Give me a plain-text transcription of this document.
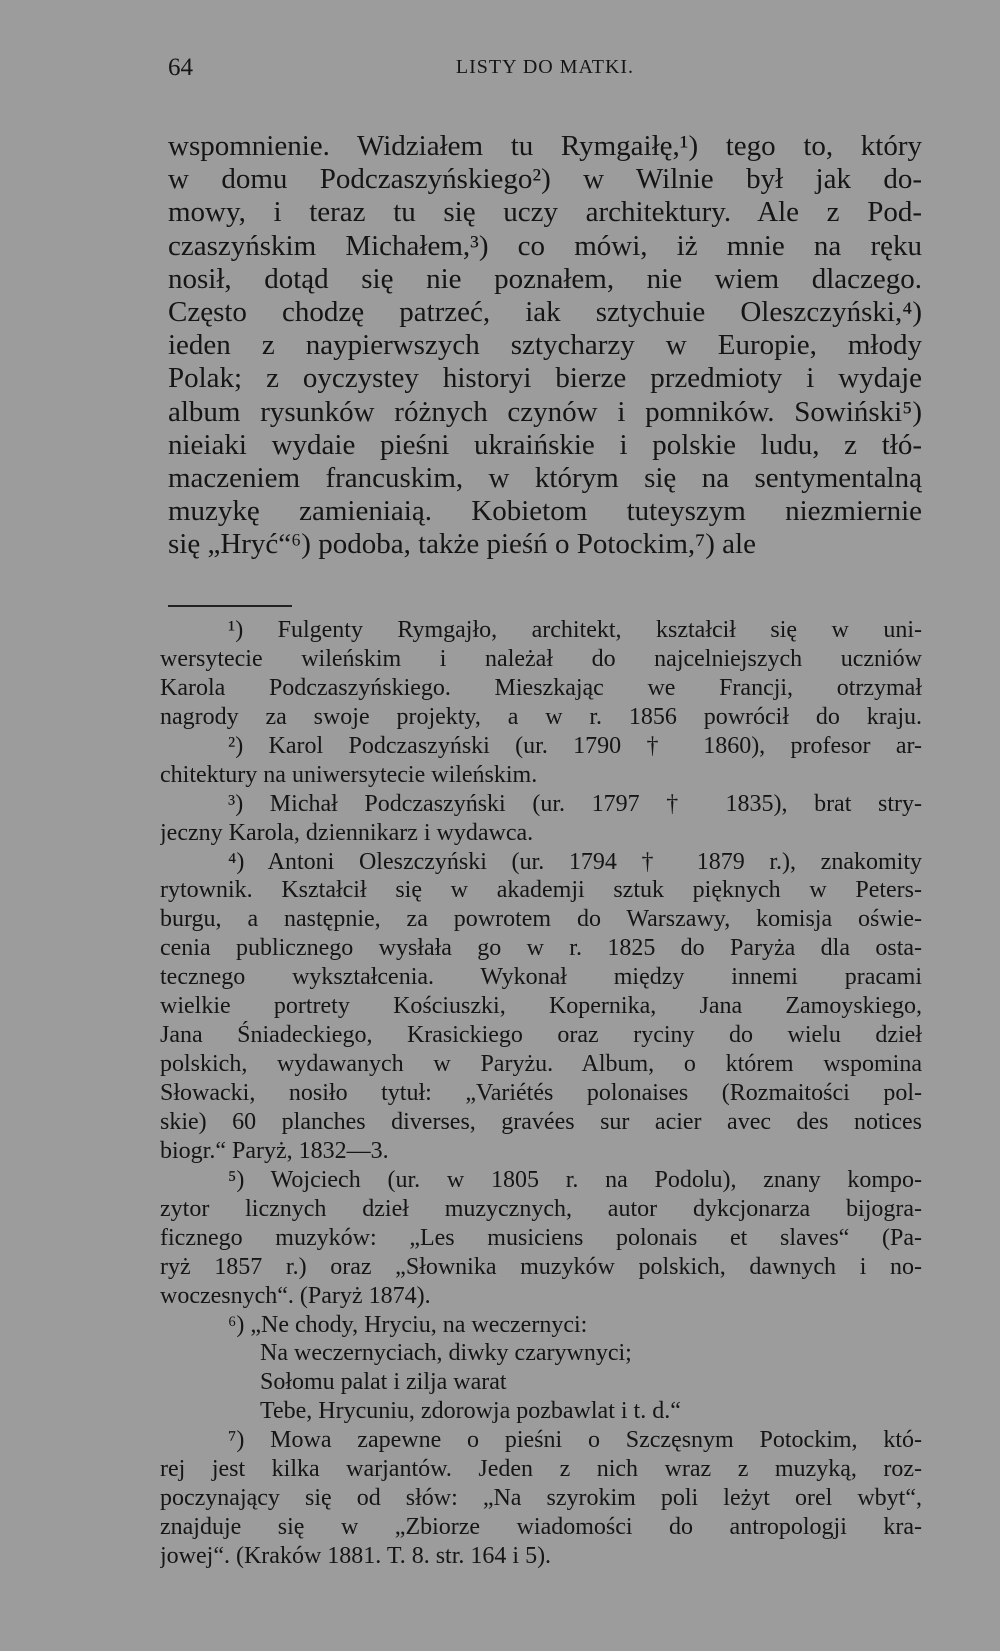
64	LISTY DO MATKI.
wspomnienie. Widziałem tu Rymgaiłę,¹) tego to, który
w domu Podczaszyńskiego²) w Wilnie był jak do-
mowy, i teraz tu się uczy architektury. Ale z Pod-
czaszyńskim Michałem,³) co mówi, iż mnie na ręku
nosił, dotąd się nie poznałem, nie wiem dlaczego.
Często chodzę patrzeć, iak sztychuie Oleszczyński,⁴)
ieden z naypierwszych sztycharzy w Europie, młody
Polak; z oyczystey historyi bierze przedmioty i wydaje
album rysunków różnych czynów i pomników. Sowiński⁵)
nieiaki wydaie pieśni ukraińskie i polskie ludu, z tłó-
maczeniem francuskim, w którym się na sentymentalną
muzykę zamieniaią. Kobietom tuteyszym niezmiernie
się „Hryć“⁶) podoba, także pieśń o Potockim,⁷) ale
¹) Fulgenty Rymgajło, architekt, kształcił się w uni-
wersytecie wileńskim i należał do najcelniejszych uczniów
Karola Podczaszyńskiego. Mieszkając we Francji, otrzymał
nagrody za swoje projekty, a w r. 1856 powrócił do kraju.
²) Karol Podczaszyński (ur. 1790 † 1860), profesor ar-
chitektury na uniwersytecie wileńskim.
³) Michał Podczaszyński (ur. 1797 † 1835), brat stry-
jeczny Karola, dziennikarz i wydawca.
⁴) Antoni Oleszczyński (ur. 1794 † 1879 r.), znakomity
rytownik. Kształcił się w akademji sztuk pięknych w Peters-
burgu, a następnie, za powrotem do Warszawy, komisja oświe-
cenia publicznego wysłała go w r. 1825 do Paryża dla osta-
tecznego wykształcenia. Wykonał między innemi pracami
wielkie portrety Kościuszki, Kopernika, Jana Zamoyskiego,
Jana Śniadeckiego, Krasickiego oraz ryciny do wielu dzieł
polskich, wydawanych w Paryżu. Album, o którem wspomina
Słowacki, nosiło tytuł: „Variétés polonaises (Rozmaitości pol-
skie) 60 planches diverses, gravées sur acier avec des notices
biogr.“ Paryż, 1832—3.
⁵) Wojciech (ur. w 1805 r. na Podolu), znany kompo-
zytor licznych dzieł muzycznych, autor dykcjonarza bijogra-
ficznego muzyków: „Les musiciens polonais et slaves“ (Pa-
ryż 1857 r.) oraz „Słownika muzyków polskich, dawnych i no-
woczesnych“. (Paryż 1874).
⁶) „Ne chody, Hryciu, na weczernyci:
Na weczernyciach, diwky czarywnyci;
Sołomu palat i zilja warat
Tebe, Hrycuniu, zdorowja pozbawlat i t. d.“
⁷) Mowa zapewne o pieśni o Szczęsnym Potockim, któ-
rej jest kilka warjantów. Jeden z nich wraz z muzyką, roz-
poczynający się od słów: „Na szyrokim poli leżyt orel wbyt“,
znajduje się w „Zbiorze wiadomości do antropologji kra-
jowej“. (Kraków 1881. T. 8. str. 164 i 5).
